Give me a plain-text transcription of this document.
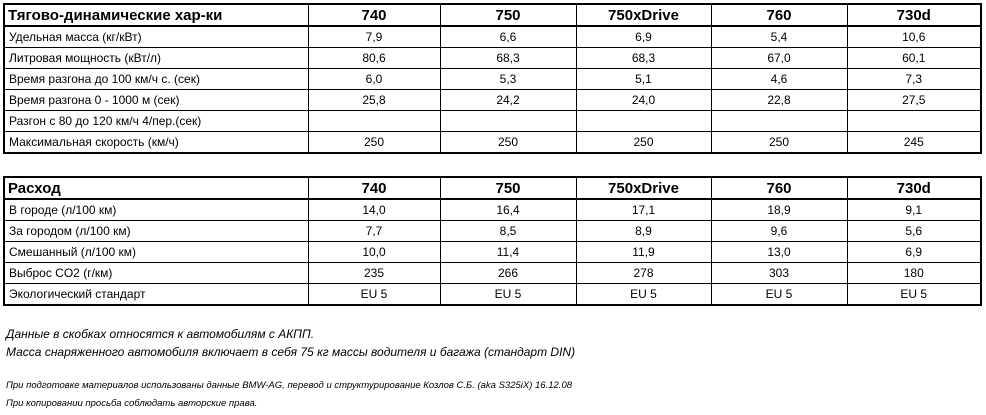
Тягово-динамические хар-ки	740	750	750xDrive	760	730d
Удельная масса (кг/кВт)	7,9	6,6	6,9	5,4	10,6
Литровая мощность (кВт/л)	80,6	68,3	68,3	67,0	60,1
Время разгона до 100 км/ч с. (сек)	6,0	5,3	5,1	4,6	7,3
Время разгона 0 - 1000 м (сек)	25,8	24,2	24,0	22,8	27,5
Разгон с 80 до 120 км/ч 4/пер.(сек)					
Максимальная скорость (км/ч)	250	250	250	250	245
Расход	740	750	750xDrive	760	730d
В городе (л/100 км)	14,0	16,4	17,1	18,9	9,1
За городом (л/100 км)	7,7	8,5	8,9	9,6	5,6
Смешанный (л/100 км)	10,0	11,4	11,9	13,0	6,9
Выброс CO2 (г/км)	235	266	278	303	180
Экологический стандарт	EU 5	EU 5	EU 5	EU 5	EU 5
Данные в скобках относятся к автомобилям с АКПП.
Масса снаряженного автомобиля включает в себя 75 кг массы водителя и багажа (стандарт DIN)
При подготовке материалов использованы данные BMW-AG, перевод и структурирование Козлов С.Б. (aka S325iX) 16.12.08
При копировании просьба соблюдать авторские права.
